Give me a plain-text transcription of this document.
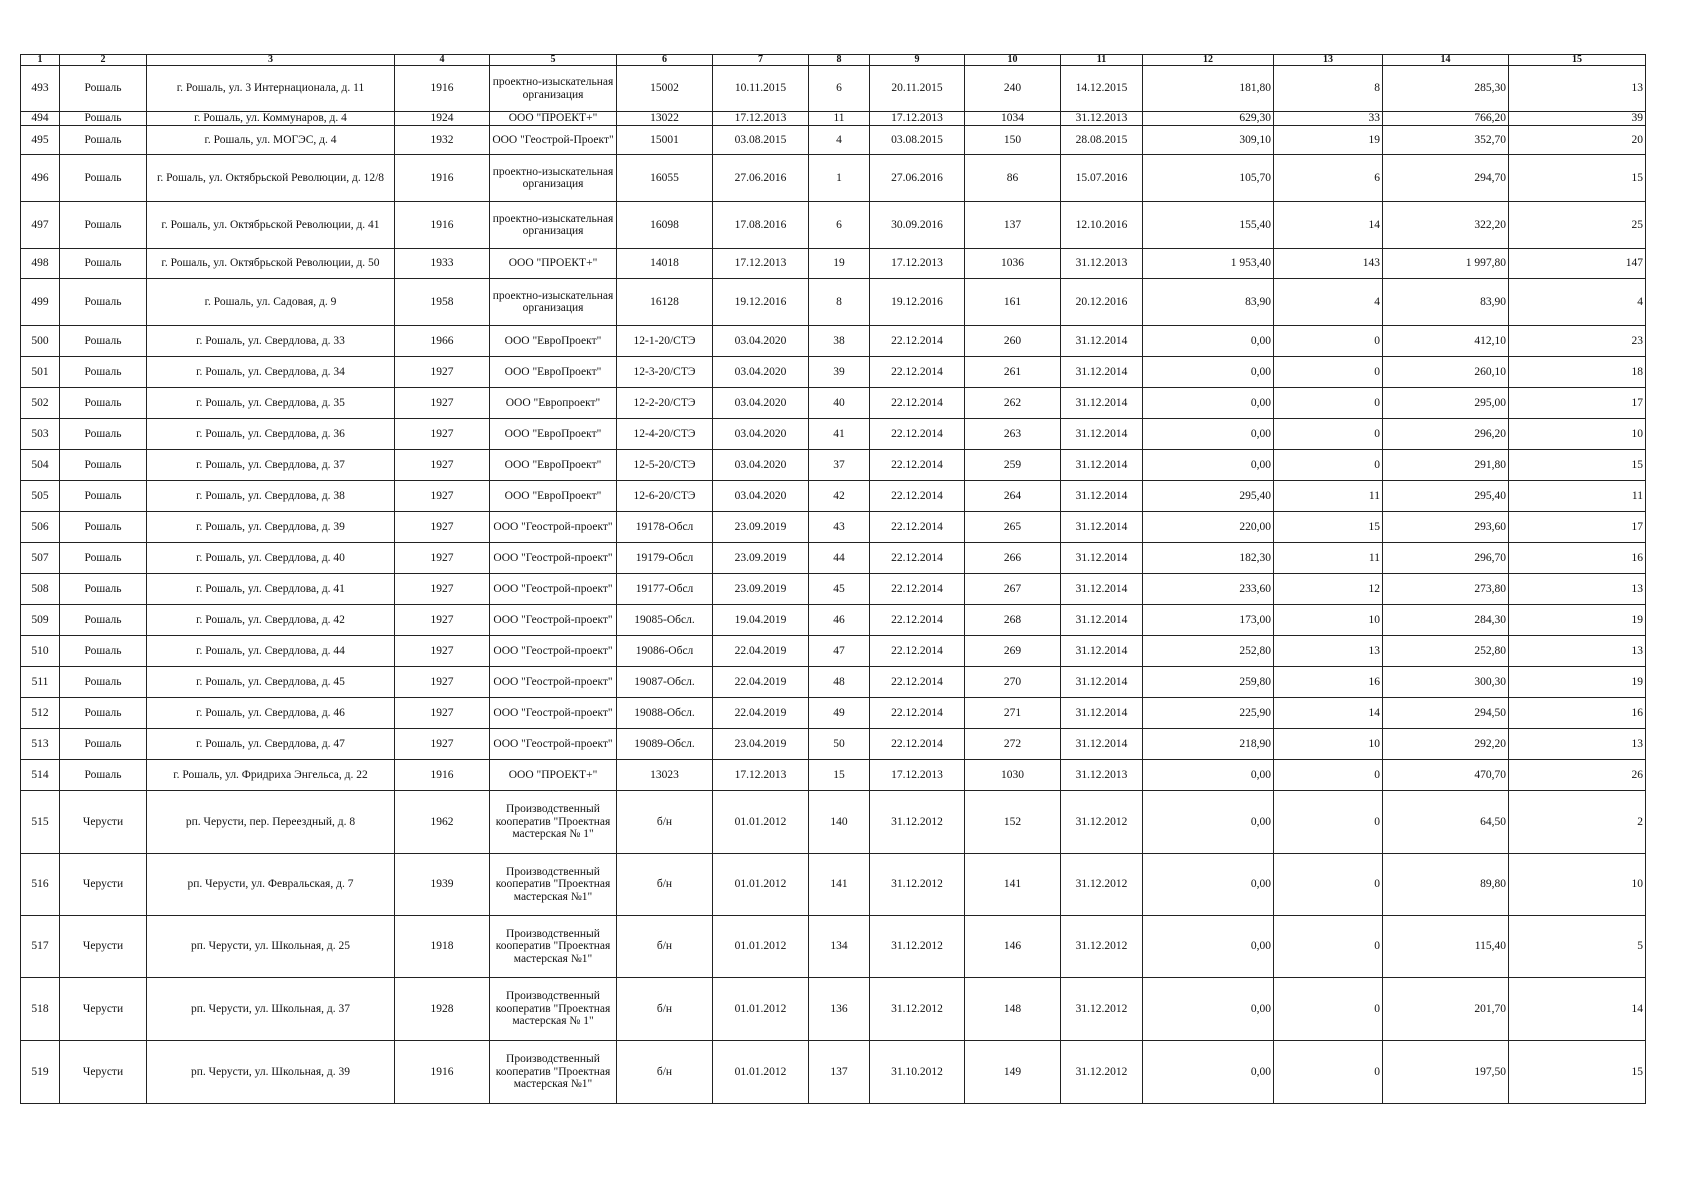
1	2	3	4	5	6	7	8	9	10	11	12	13	14	15
493	Рошаль	г. Рошаль, ул. 3 Интернационала, д. 11	1916	проектно-изыскательная организация	15002	10.11.2015	6	20.11.2015	240	14.12.2015	181,80	8	285,30	13
494	Рошаль	г. Рошаль, ул. Коммунаров, д. 4	1924	ООО "ПРОЕКТ+"	13022	17.12.2013	11	17.12.2013	1034	31.12.2013	629,30	33	766,20	39
495	Рошаль	г. Рошаль, ул. МОГЭС, д. 4	1932	ООО "Геострой-Проект"	15001	03.08.2015	4	03.08.2015	150	28.08.2015	309,10	19	352,70	20
496	Рошаль	г. Рошаль, ул. Октябрьской Революции, д. 12/8	1916	проектно-изыскательная организация	16055	27.06.2016	1	27.06.2016	86	15.07.2016	105,70	6	294,70	15
497	Рошаль	г. Рошаль, ул. Октябрьской Революции, д. 41	1916	проектно-изыскательная организация	16098	17.08.2016	6	30.09.2016	137	12.10.2016	155,40	14	322,20	25
498	Рошаль	г. Рошаль, ул. Октябрьской Революции, д. 50	1933	ООО "ПРОЕКТ+"	14018	17.12.2013	19	17.12.2013	1036	31.12.2013	1 953,40	143	1 997,80	147
499	Рошаль	г. Рошаль, ул. Садовая, д. 9	1958	проектно-изыскательная организация	16128	19.12.2016	8	19.12.2016	161	20.12.2016	83,90	4	83,90	4
500	Рошаль	г. Рошаль, ул. Свердлова, д. 33	1966	ООО "ЕвроПроект"	12-1-20/СТЭ	03.04.2020	38	22.12.2014	260	31.12.2014	0,00	0	412,10	23
501	Рошаль	г. Рошаль, ул. Свердлова, д. 34	1927	ООО "ЕвроПроект"	12-3-20/СТЭ	03.04.2020	39	22.12.2014	261	31.12.2014	0,00	0	260,10	18
502	Рошаль	г. Рошаль, ул. Свердлова, д. 35	1927	ООО "Европроект"	12-2-20/СТЭ	03.04.2020	40	22.12.2014	262	31.12.2014	0,00	0	295,00	17
503	Рошаль	г. Рошаль, ул. Свердлова, д. 36	1927	ООО "ЕвроПроект"	12-4-20/СТЭ	03.04.2020	41	22.12.2014	263	31.12.2014	0,00	0	296,20	10
504	Рошаль	г. Рошаль, ул. Свердлова, д. 37	1927	ООО "ЕвроПроект"	12-5-20/СТЭ	03.04.2020	37	22.12.2014	259	31.12.2014	0,00	0	291,80	15
505	Рошаль	г. Рошаль, ул. Свердлова, д. 38	1927	ООО "ЕвроПроект"	12-6-20/СТЭ	03.04.2020	42	22.12.2014	264	31.12.2014	295,40	11	295,40	11
506	Рошаль	г. Рошаль, ул. Свердлова, д. 39	1927	ООО "Геострой-проект"	19178-Обсл	23.09.2019	43	22.12.2014	265	31.12.2014	220,00	15	293,60	17
507	Рошаль	г. Рошаль, ул. Свердлова, д. 40	1927	ООО "Геострой-проект"	19179-Обсл	23.09.2019	44	22.12.2014	266	31.12.2014	182,30	11	296,70	16
508	Рошаль	г. Рошаль, ул. Свердлова, д. 41	1927	ООО "Геострой-проект"	19177-Обсл	23.09.2019	45	22.12.2014	267	31.12.2014	233,60	12	273,80	13
509	Рошаль	г. Рошаль, ул. Свердлова, д. 42	1927	ООО "Геострой-проект"	19085-Обсл.	19.04.2019	46	22.12.2014	268	31.12.2014	173,00	10	284,30	19
510	Рошаль	г. Рошаль, ул. Свердлова, д. 44	1927	ООО "Геострой-проект"	19086-Обсл	22.04.2019	47	22.12.2014	269	31.12.2014	252,80	13	252,80	13
511	Рошаль	г. Рошаль, ул. Свердлова, д. 45	1927	ООО "Геострой-проект"	19087-Обсл.	22.04.2019	48	22.12.2014	270	31.12.2014	259,80	16	300,30	19
512	Рошаль	г. Рошаль, ул. Свердлова, д. 46	1927	ООО "Геострой-проект"	19088-Обсл.	22.04.2019	49	22.12.2014	271	31.12.2014	225,90	14	294,50	16
513	Рошаль	г. Рошаль, ул. Свердлова, д. 47	1927	ООО "Геострой-проект"	19089-Обсл.	23.04.2019	50	22.12.2014	272	31.12.2014	218,90	10	292,20	13
514	Рошаль	г. Рошаль, ул. Фридриха Энгельса, д. 22	1916	ООО "ПРОЕКТ+"	13023	17.12.2013	15	17.12.2013	1030	31.12.2013	0,00	0	470,70	26
515	Черусти	рп. Черусти, пер. Переездный, д. 8	1962	Производственный кооператив "Проектная мастерская № 1"	б/н	01.01.2012	140	31.12.2012	152	31.12.2012	0,00	0	64,50	2
516	Черусти	рп. Черусти, ул. Февральская, д. 7	1939	Производственный кооператив "Проектная мастерская №1"	б/н	01.01.2012	141	31.12.2012	141	31.12.2012	0,00	0	89,80	10
517	Черусти	рп. Черусти, ул. Школьная, д. 25	1918	Производственный кооператив "Проектная мастерская №1"	б/н	01.01.2012	134	31.12.2012	146	31.12.2012	0,00	0	115,40	5
518	Черусти	рп. Черусти, ул. Школьная, д. 37	1928	Производственный кооператив "Проектная мастерская № 1"	б/н	01.01.2012	136	31.12.2012	148	31.12.2012	0,00	0	201,70	14
519	Черусти	рп. Черусти, ул. Школьная, д. 39	1916	Производственный кооператив "Проектная мастерская №1"	б/н	01.01.2012	137	31.10.2012	149	31.12.2012	0,00	0	197,50	15
